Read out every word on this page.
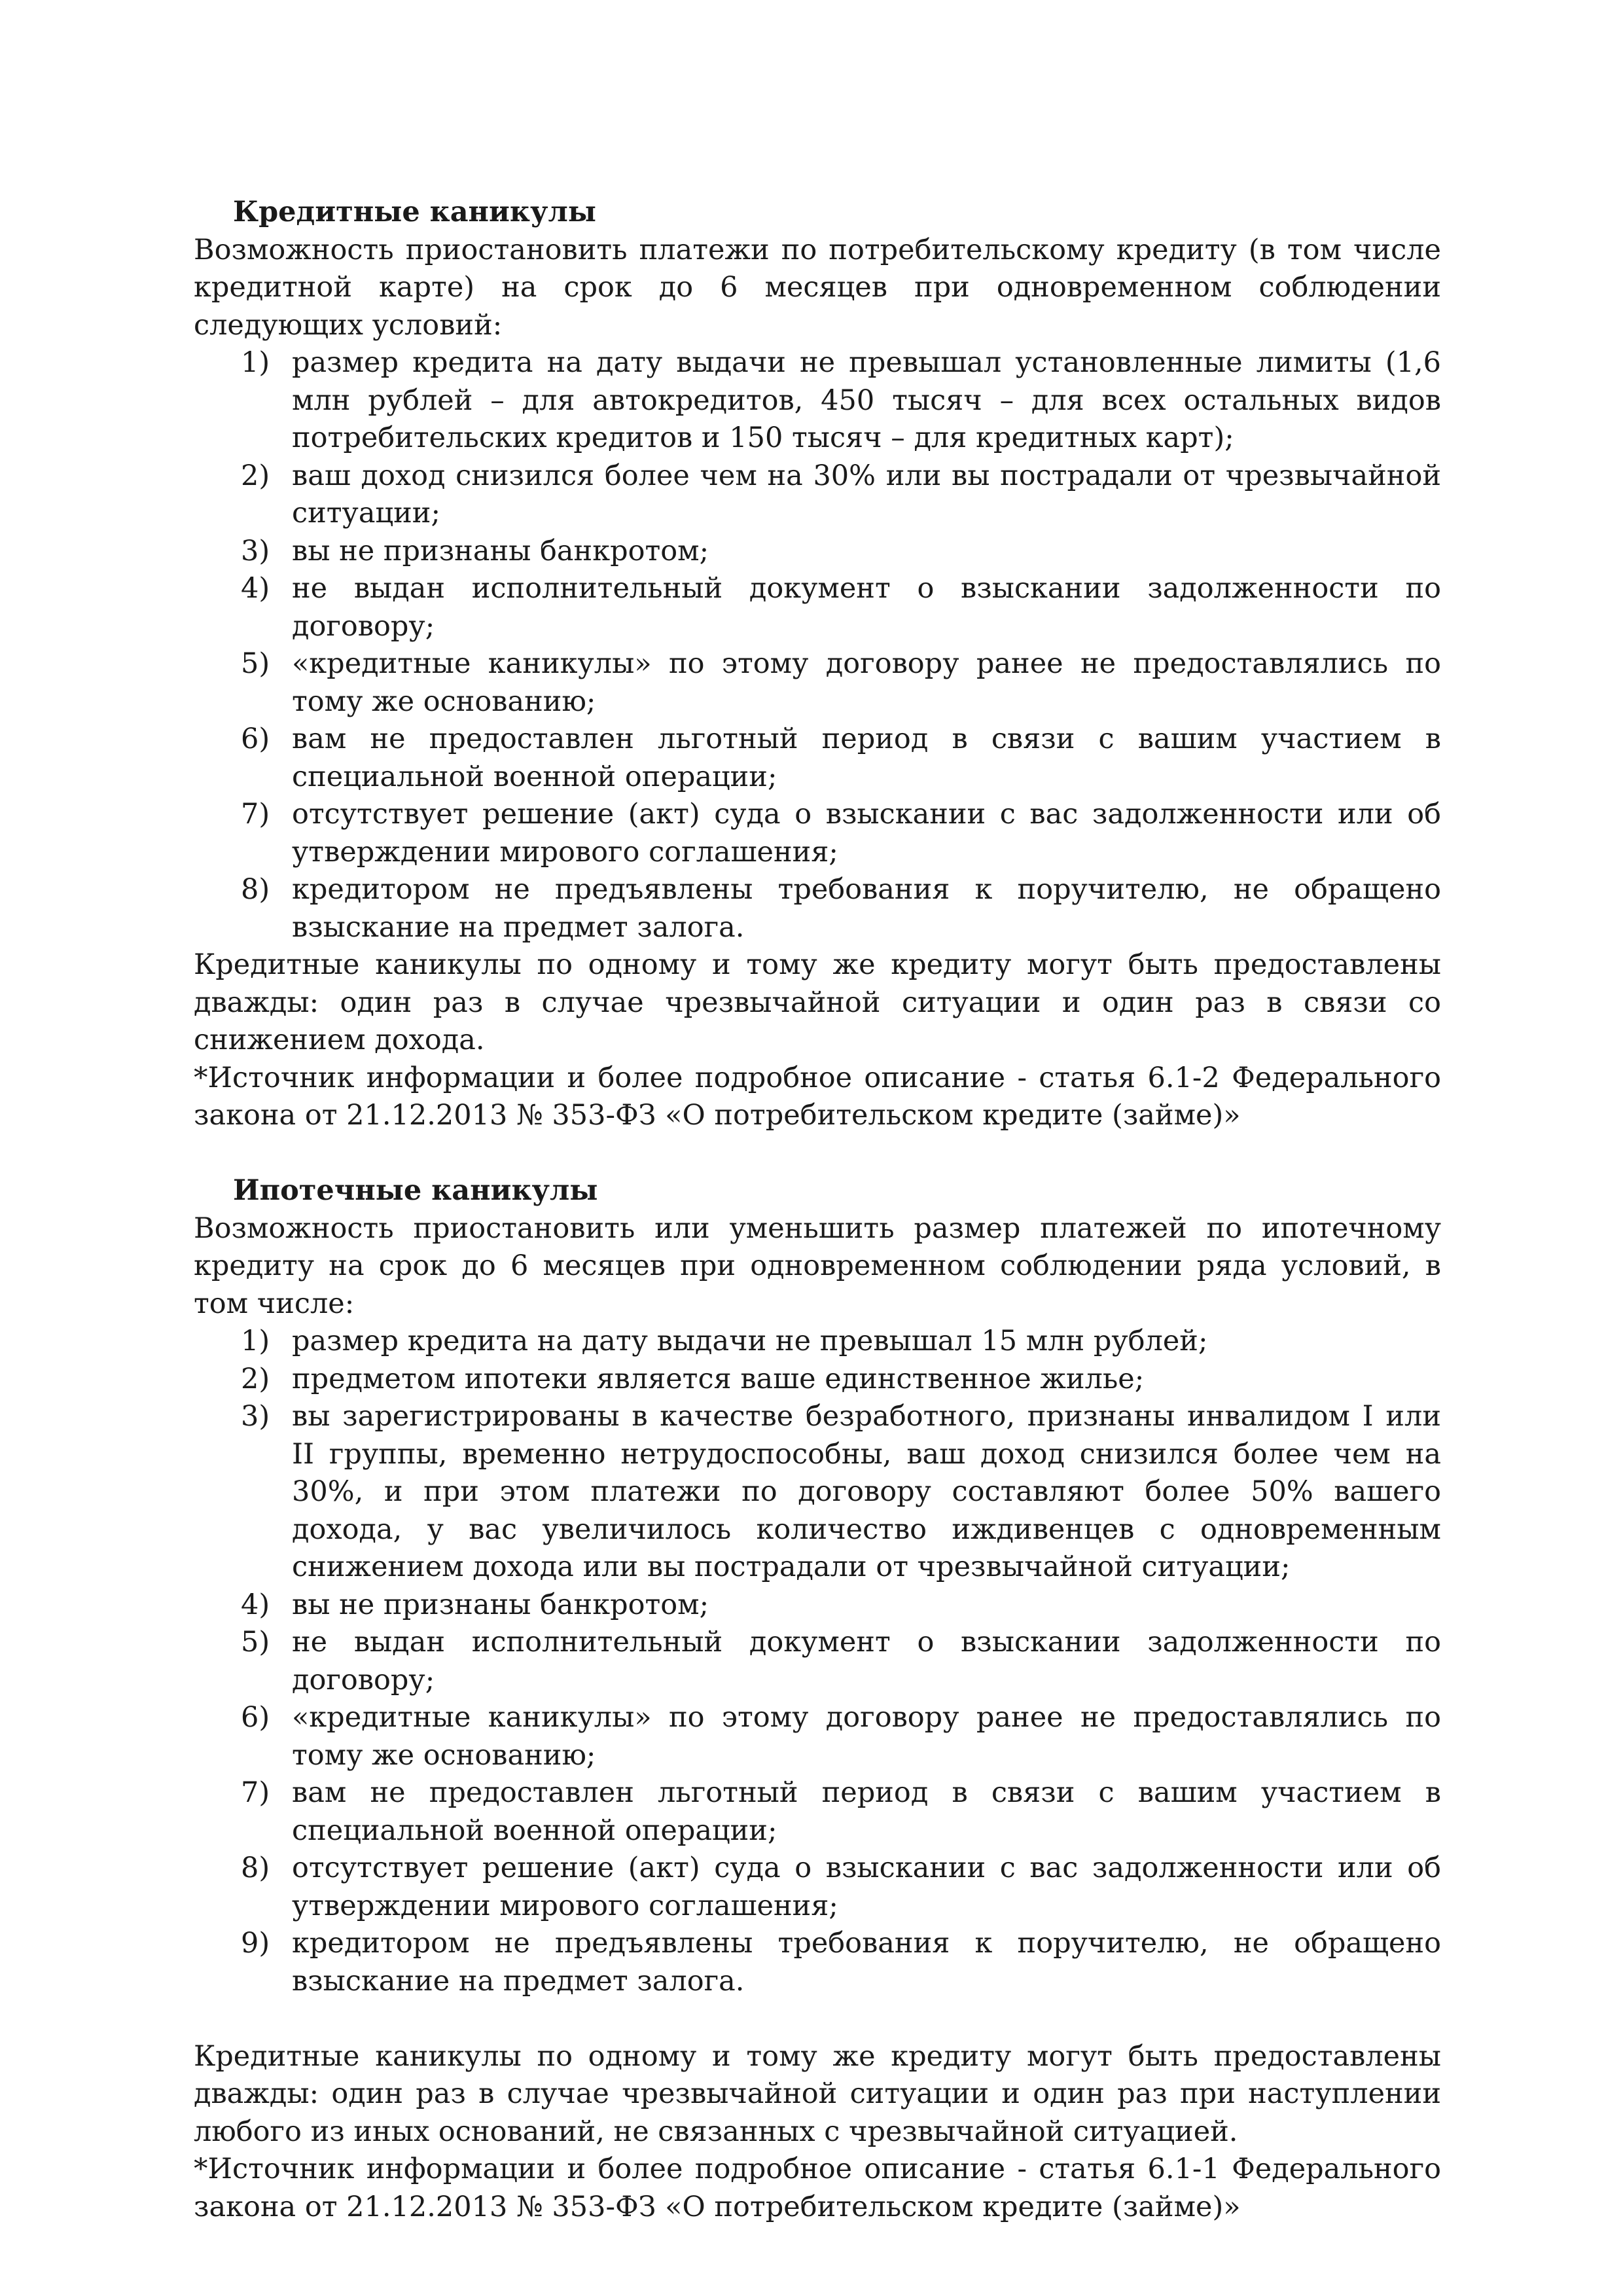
Кредитные каникулы

Возможность приостановить платежи по потребительскому кредиту (в том числе кредитной карте) на срок до 6 месяцев при одновременном соблюдении следующих условий:

1) размер кредита на дату выдачи не превышал установленные лимиты (1,6 млн рублей – для автокредитов, 450 тысяч – для всех остальных видов потребительских кредитов и 150 тысяч – для кредитных карт);
2) ваш доход снизился более чем на 30% или вы пострадали от чрезвычайной ситуации;
3) вы не признаны банкротом;
4) не выдан исполнительный документ о взыскании задолженности по договору;
5) «кредитные каникулы» по этому договору ранее не предоставлялись по тому же основанию;
6) вам не предоставлен льготный период в связи с вашим участием в специальной военной операции;
7) отсутствует решение (акт) суда о взыскании с вас задолженности или об утверждении мирового соглашения;
8) кредитором не предъявлены требования к поручителю, не обращено взыскание на предмет залога.

Кредитные каникулы по одному и тому же кредиту могут быть предоставлены дважды: один раз в случае чрезвычайной ситуации и один раз в связи со снижением дохода.

*Источник информации и более подробное описание - статья 6.1-2 Федерального закона от 21.12.2013 № 353-ФЗ «О потребительском кредите (займе)»

Ипотечные каникулы

Возможность приостановить или уменьшить размер платежей по ипотечному кредиту на срок до 6 месяцев при одновременном соблюдении ряда условий, в том числе:

1) размер кредита на дату выдачи не превышал 15 млн рублей;
2) предметом ипотеки является ваше единственное жилье;
3) вы зарегистрированы в качестве безработного, признаны инвалидом I или II группы, временно нетрудоспособны, ваш доход снизился более чем на 30%, и при этом платежи по договору составляют более 50% вашего дохода, у вас увеличилось количество иждивенцев с одновременным снижением дохода или вы пострадали от чрезвычайной ситуации;
4) вы не признаны банкротом;
5) не выдан исполнительный документ о взыскании задолженности по договору;
6) «кредитные каникулы» по этому договору ранее не предоставлялись по тому же основанию;
7) вам не предоставлен льготный период в связи с вашим участием в специальной военной операции;
8) отсутствует решение (акт) суда о взыскании с вас задолженности или об утверждении мирового соглашения;
9) кредитором не предъявлены требования к поручителю, не обращено взыскание на предмет залога.

Кредитные каникулы по одному и тому же кредиту могут быть предоставлены дважды: один раз в случае чрезвычайной ситуации и один раз при наступлении любого из иных оснований, не связанных с чрезвычайной ситуацией.

*Источник информации и более подробное описание - статья 6.1-1 Федерального закона от 21.12.2013 № 353-ФЗ «О потребительском кредите (займе)»
